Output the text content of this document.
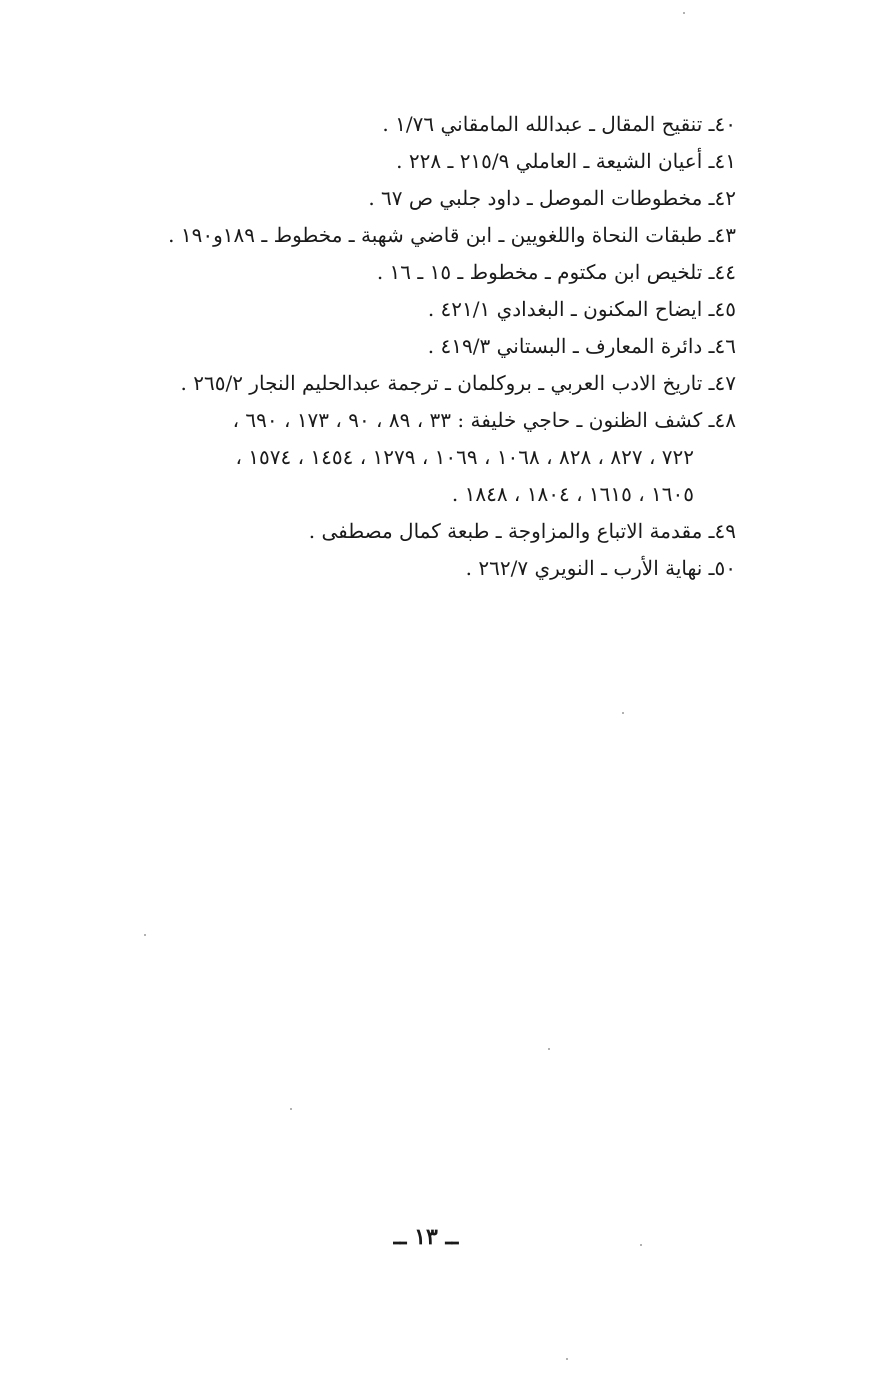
٤٠ـ تنقيح المقال ـ عبدالله المامقاني ١/٧٦ .

٤١ـ أعيان الشيعة ـ العاملي ٢١٥/٩ ـ ٢٢٨ .

٤٢ـ مخطوطات الموصل ـ داود جلبي ص ٦٧ .

٤٣ـ طبقات النحاة واللغويين ـ ابن قاضي شهبة ـ مخطوط ـ ١٨٩و١٩٠ .

٤٤ـ تلخيص ابن مكتوم ـ مخطوط ـ ١٥ ـ ١٦ .

٤٥ـ ايضاح المكنون ـ البغدادي ٤٢١/١ .

٤٦ـ دائرة المعارف ـ البستاني ٤١٩/٣ .

٤٧ـ تاريخ الادب العربي ـ بروكلمان ـ ترجمة عبدالحليم النجار ٢٦٥/٢ .

٤٨ـ كشف الظنون ـ حاجي خليفة : ٣٣ ، ٨٩ ، ٩٠ ، ١٧٣ ، ٦٩٠ ،

٧٢٢ ، ٨٢٧ ، ٨٢٨ ، ١٠٦٨ ، ١٠٦٩ ، ١٢٧٩ ، ١٤٥٤ ، ١٥٧٤ ،

١٦٠٥ ، ١٦١٥ ، ١٨٠٤ ، ١٨٤٨ .

٤٩ـ مقدمة الاتباع والمزاوجة ـ طبعة كمال مصطفى .

٥٠ـ نهاية الأرب ـ النويري ٢٦٢/٧ .

ــ ١٣ ــ
